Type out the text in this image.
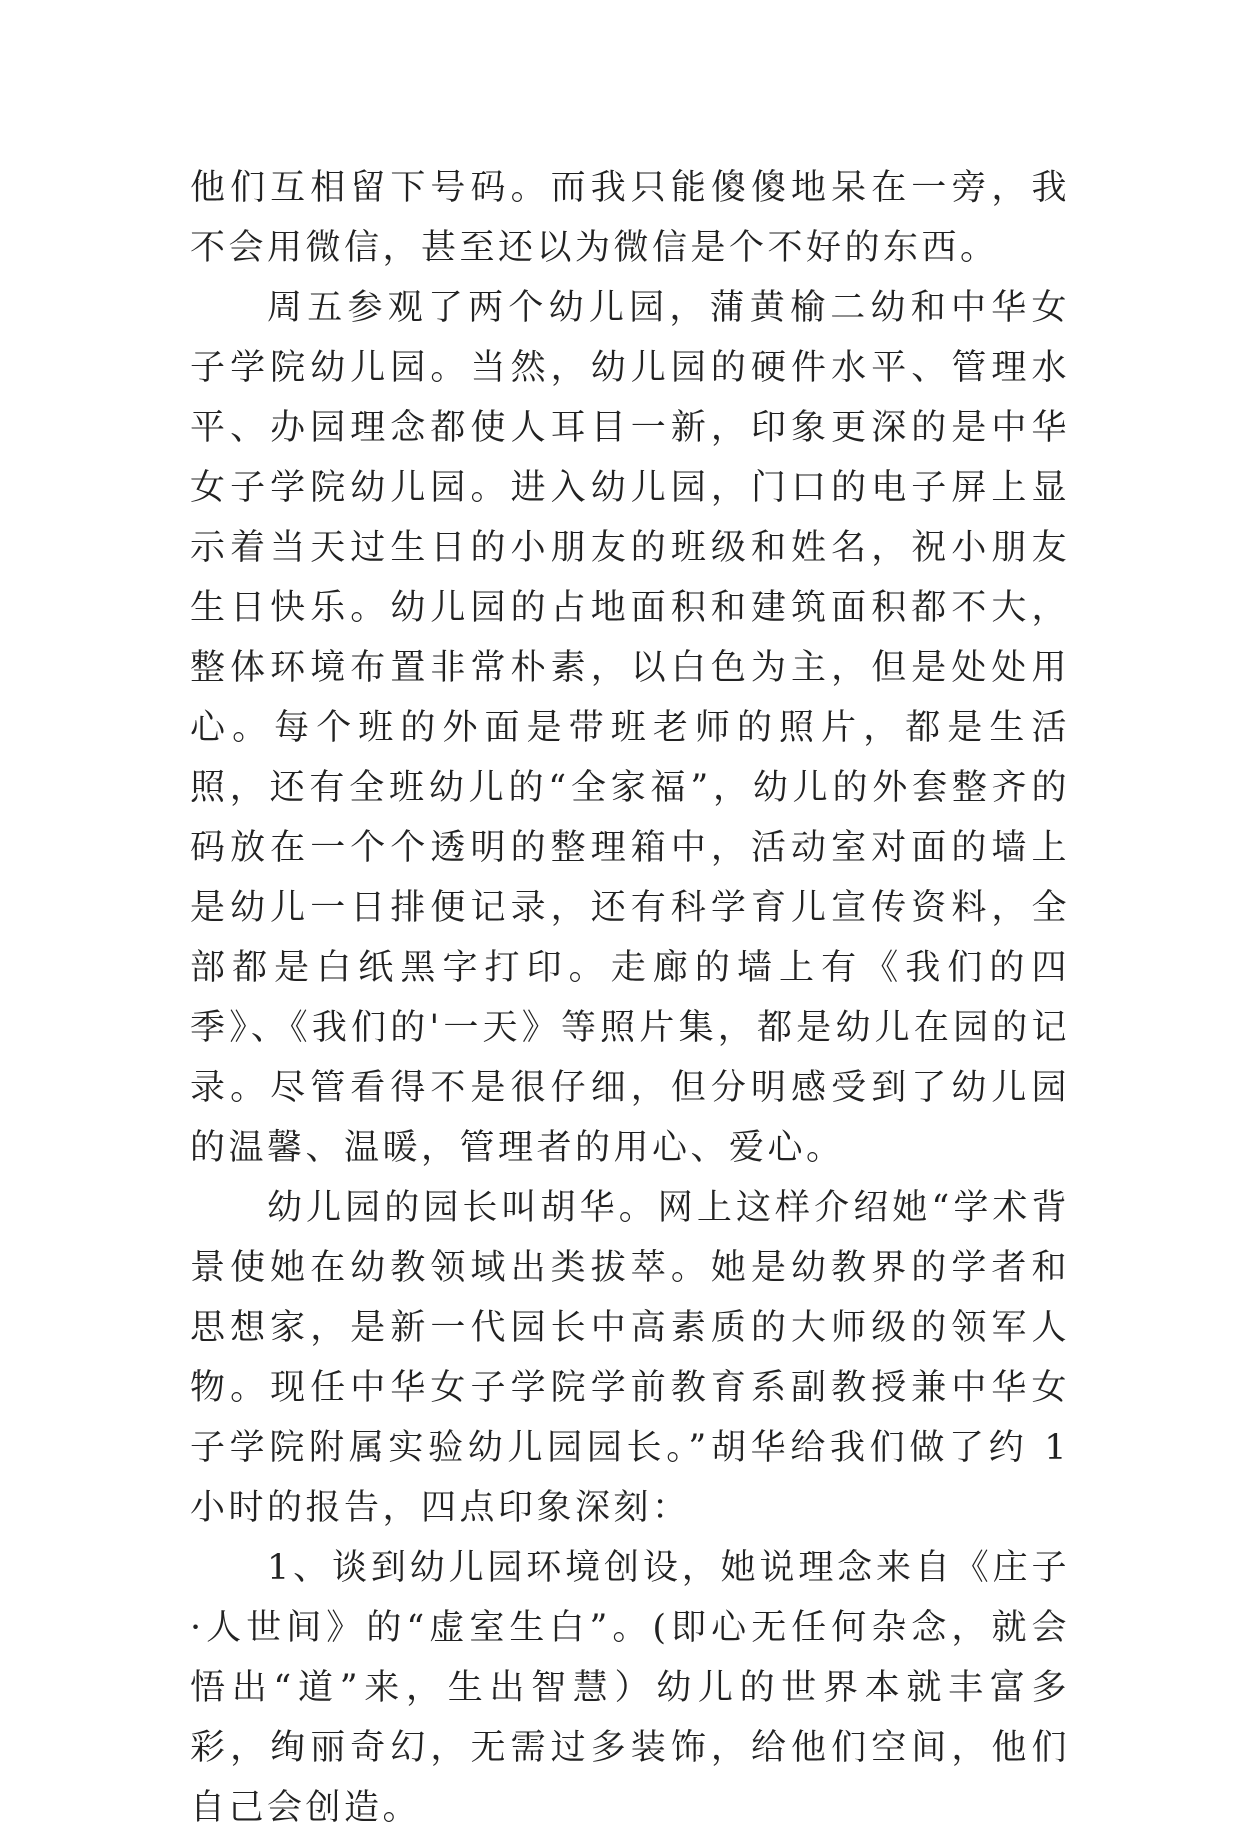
他们互相留下号码。而我只能傻傻地呆在一旁，我不会用微信，甚至还以为微信是个不好的东西。

周五参观了两个幼儿园，蒲黄榆二幼和中华女子学院幼儿园。当然，幼儿园的硬件水平、管理水平、办园理念都使人耳目一新，印象更深的是中华女子学院幼儿园。进入幼儿园，门口的电子屏上显示着当天过生日的小朋友的班级和姓名，祝小朋友生日快乐。幼儿园的占地面积和建筑面积都不大，整体环境布置非常朴素，以白色为主，但是处处用心。每个班的外面是带班老师的照片，都是生活照，还有全班幼儿的“全家福”，幼儿的外套整齐的码放在一个个透明的整理箱中，活动室对面的墙上是幼儿一日排便记录，还有科学育儿宣传资料，全部都是白纸黑字打印。走廊的墙上有《我们的四季》、《我们的'一天》等照片集，都是幼儿在园的记录。尽管看得不是很仔细，但分明感受到了幼儿园的温馨、温暖，管理者的用心、爱心。

幼儿园的园长叫胡华。网上这样介绍她“学术背景使她在幼教领域出类拔萃。她是幼教界的学者和思想家，是新一代园长中高素质的大师级的领军人物。现任中华女子学院学前教育系副教授兼中华女子学院附属实验幼儿园园长。”胡华给我们做了约 1 小时的报告，四点印象深刻：

1、谈到幼儿园环境创设，她说理念来自《庄子·人世间》的“虚室生白”。(即心无任何杂念，就会悟出“道”来，生出智慧）幼儿的世界本就丰富多彩，绚丽奇幻，无需过多装饰，给他们空间，他们自己会创造。
